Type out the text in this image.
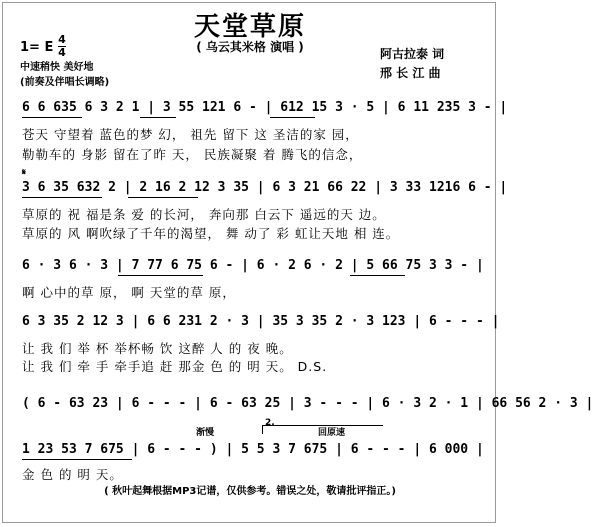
天堂草原
( 乌云其米格 演唱 )
1= E
4
4
中速稍快 美好地
(前奏及伴唱长调略)
阿古拉泰 词
邢 长 江 曲
6 6 635 6 3 2 1 | 3 55 121 6 - | 612 15 3 · 5 | 6 11 235 3 - |
苍天 守望着 蓝色的梦 幻， 祖先 留下 这 圣洁的家 园，
勒勒车的 身影 留在了昨 天， 民族凝聚 着 腾飞的信念，
𝄋
3 6 35 632 2 | 2 16 2 12 3 35 | 6 3 21 66 22 | 3 33 1216 6 - |
草原的 祝 福是条 爱 的长河， 奔向那 白云下 遥远的天 边。
草原的 风 啊吹绿了千年的渴望， 舞 动了 彩 虹让天地 相 连。
6 · 3 6 · 3 | 7 77 6 75 6 - | 6 · 2 6 · 2 | 5 66 75 3 3 - |
啊 心中的草 原， 啊 天堂的草 原，
6 3 35 2 12 3 | 6 6 231 2 · 3 | 35 3 35 2 · 3 123 | 6 - - - |
让 我 们 举 杯 举杯畅 饮 这醉 人 的 夜 晚。
让 我 们 牵 手 牵手追 赶 那金 色 的 明 天。 D.S.
( 6 - 63 23 | 6 - - - | 6 - 63 25 | 3 - - - | 6 · 3 2 · 1 | 66 56 2 · 3 |
渐慢
2.
回原速
1 23 53 7 675 | 6 - - - ) | 5 5 3 7 675 | 6 - - - | 6 000 |
金 色 的 明 天。
( 秋叶起舞根据MP3记谱，仅供参考。错误之处，敬请批评指正。)
